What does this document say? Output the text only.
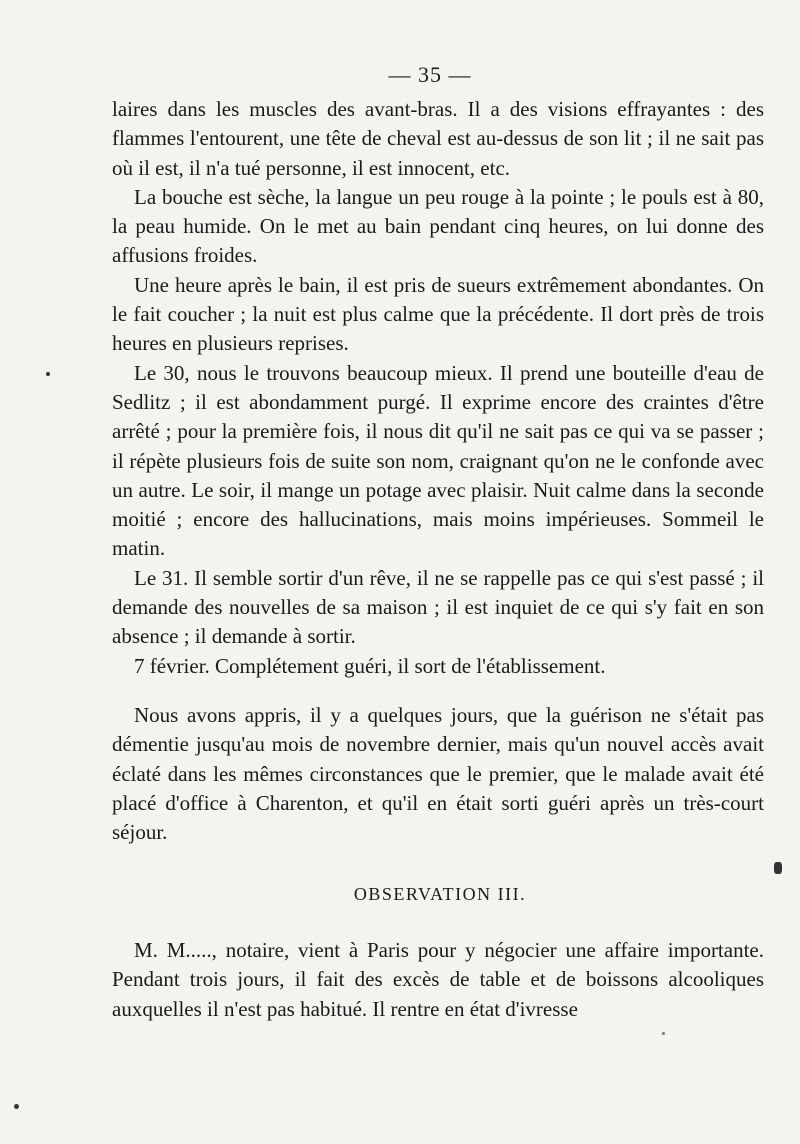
— 35 —

laires dans les muscles des avant-bras. Il a des visions effrayantes : des flammes l'entourent, une tête de cheval est au-dessus de son lit ; il ne sait pas où il est, il n'a tué personne, il est innocent, etc.

La bouche est sèche, la langue un peu rouge à la pointe ; le pouls est à 80, la peau humide. On le met au bain pendant cinq heures, on lui donne des affusions froides.

Une heure après le bain, il est pris de sueurs extrêmement abondantes. On le fait coucher ; la nuit est plus calme que la précédente. Il dort près de trois heures en plusieurs reprises.

Le 30, nous le trouvons beaucoup mieux. Il prend une bouteille d'eau de Sedlitz ; il est abondamment purgé. Il exprime encore des craintes d'être arrêté ; pour la première fois, il nous dit qu'il ne sait pas ce qui va se passer ; il répète plusieurs fois de suite son nom, craignant qu'on ne le confonde avec un autre. Le soir, il mange un potage avec plaisir. Nuit calme dans la seconde moitié ; encore des hallucinations, mais moins impérieuses. Sommeil le matin.

Le 31. Il semble sortir d'un rêve, il ne se rappelle pas ce qui s'est passé ; il demande des nouvelles de sa maison ; il est inquiet de ce qui s'y fait en son absence ; il demande à sortir.

7 février. Complétement guéri, il sort de l'établissement.

Nous avons appris, il y a quelques jours, que la guérison ne s'était pas démentie jusqu'au mois de novembre dernier, mais qu'un nouvel accès avait éclaté dans les mêmes circonstances que le premier, que le malade avait été placé d'office à Charenton, et qu'il en était sorti guéri après un très-court séjour.

OBSERVATION III.

M. M....., notaire, vient à Paris pour y négocier une affaire importante. Pendant trois jours, il fait des excès de table et de boissons alcooliques auxquelles il n'est pas habitué. Il rentre en état d'ivresse
